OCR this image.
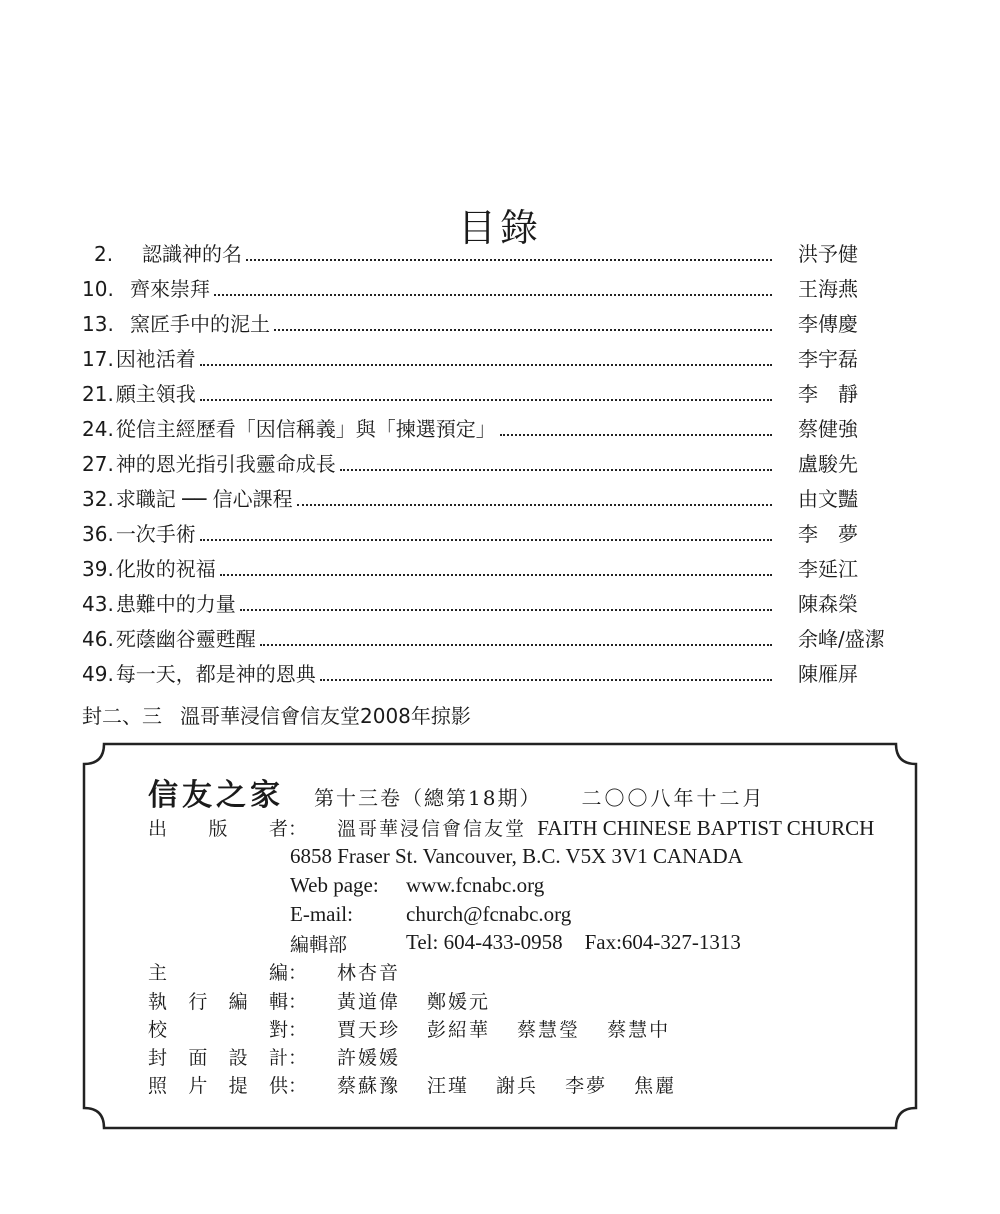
目錄
2.	認識神的名	洪予健
10. 齊來崇拜	王海燕
13. 窯匠手中的泥土	李傳慶
17. 因祂活着	李宇磊
21. 願主領我	李　靜
24. 從信主經歷看「因信稱義」與「揀選預定」	蔡健強
27. 神的恩光指引我靈命成長	盧駿先
32. 求職記 ── 信心課程	由文豔
36. 一次手術	李　夢
39. 化妝的祝福	李延江
43. 患難中的力量	陳森榮
46. 死蔭幽谷靈甦醒	余峰/盛潔
49. 每一天，都是神的恩典	陳雁屏
封二、三 溫哥華浸信會信友堂2008年掠影
信友之家 第十三卷（總第18期） 二〇〇八年十二月
出 版 者 ： 溫哥華浸信會信友堂 FAITH CHINESE BAPTIST CHURCH
6858 Fraser St. Vancouver, B.C. V5X 3V1 CANADA
Web page:	www.fcnabc.org
E-mail:	church@fcnabc.org
編輯部	Tel: 604-433-0958 Fax:604-327-1313
主　　編 ： 林杏音
執行編輯 ： 黃道偉 鄭媛元
校　　對 ： 賈天珍 彭紹華 蔡慧瑩 蔡慧中
封面設計 ： 許媛媛
照片提供 ： 蔡蘇豫 汪瑾 謝兵 李夢 焦麗
